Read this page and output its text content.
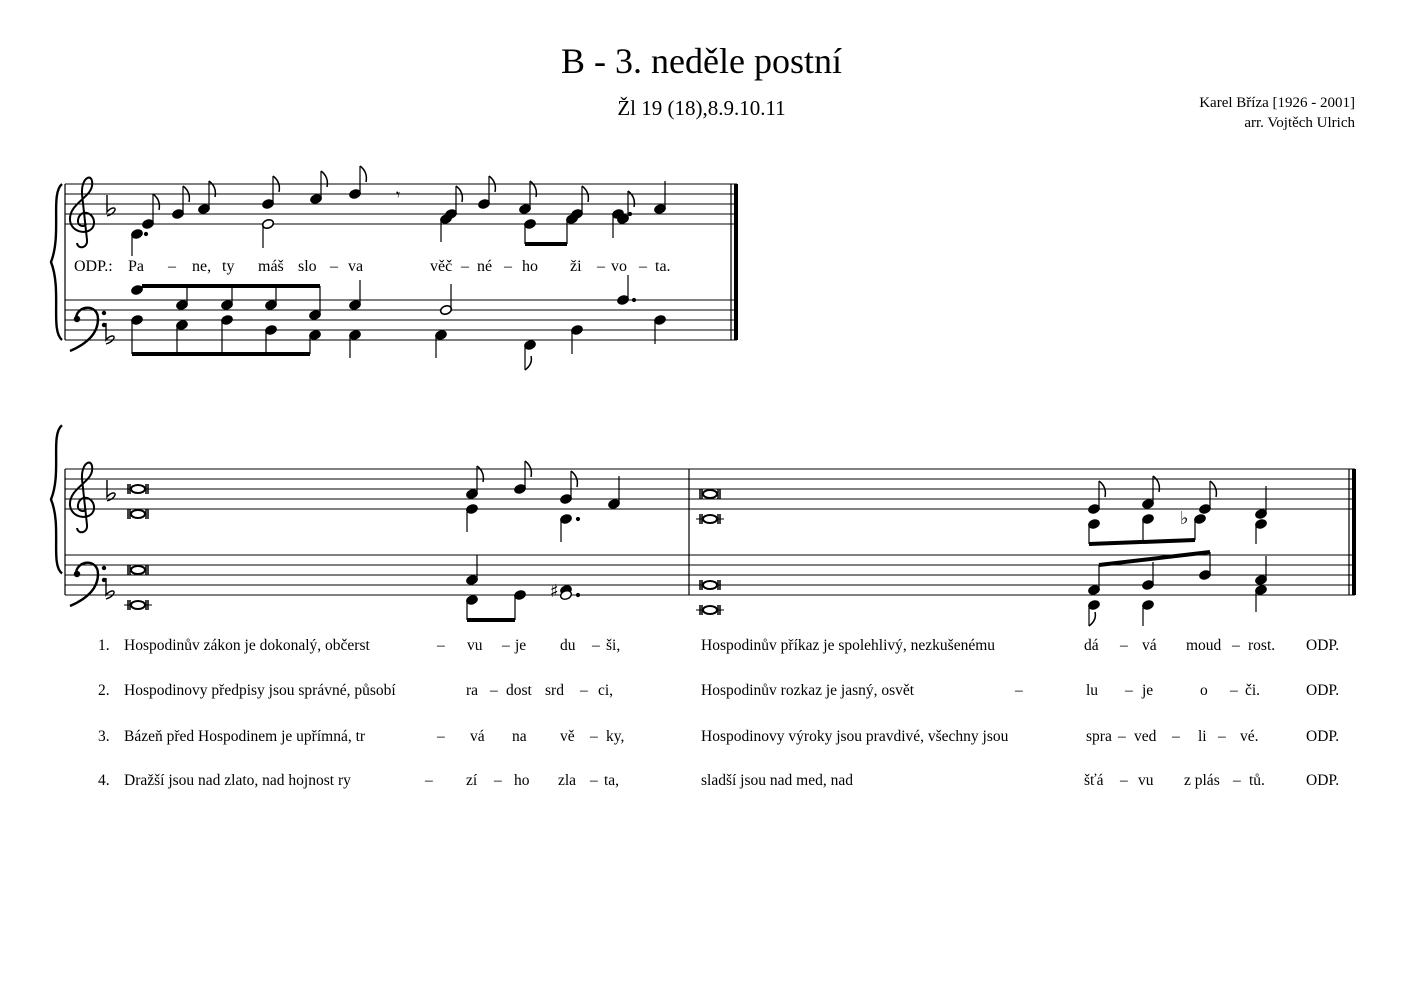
B - 3. neděle postní
Žl 19 (18),8.9.10.11	Karel Bříza [1926 - 2001]
arr. Vojtěch Ulrich
𝄾
♯
♭
ODP.: Pa – ne, ty máš slo – va	věč – né – ho ži – vo – ta.
1. Hospodinův zákon je dokonalý, občerst	– vu – je du – ši,	Hospodinův příkaz je spolehlivý, nezkušenému	dá – vá moud – rost. ODP.
2. Hospodinovy předpisy jsou správné, působí	ra – dost srd – ci,	Hospodinův rozkaz je jasný, osvět	–	lu – je	o – či.	ODP.
3. Bázeň před Hospodinem je upřímná, tr	– vá na vě – ky,	Hospodinovy výroky jsou pravdivé, všechny jsou	spra – ved – li – vé.	ODP.
4. Dražší jsou nad zlato, nad hojnost ry	– zí – ho zla – ta,	sladší jsou nad med, nad	šťá – vu z plás – tů.	ODP.
